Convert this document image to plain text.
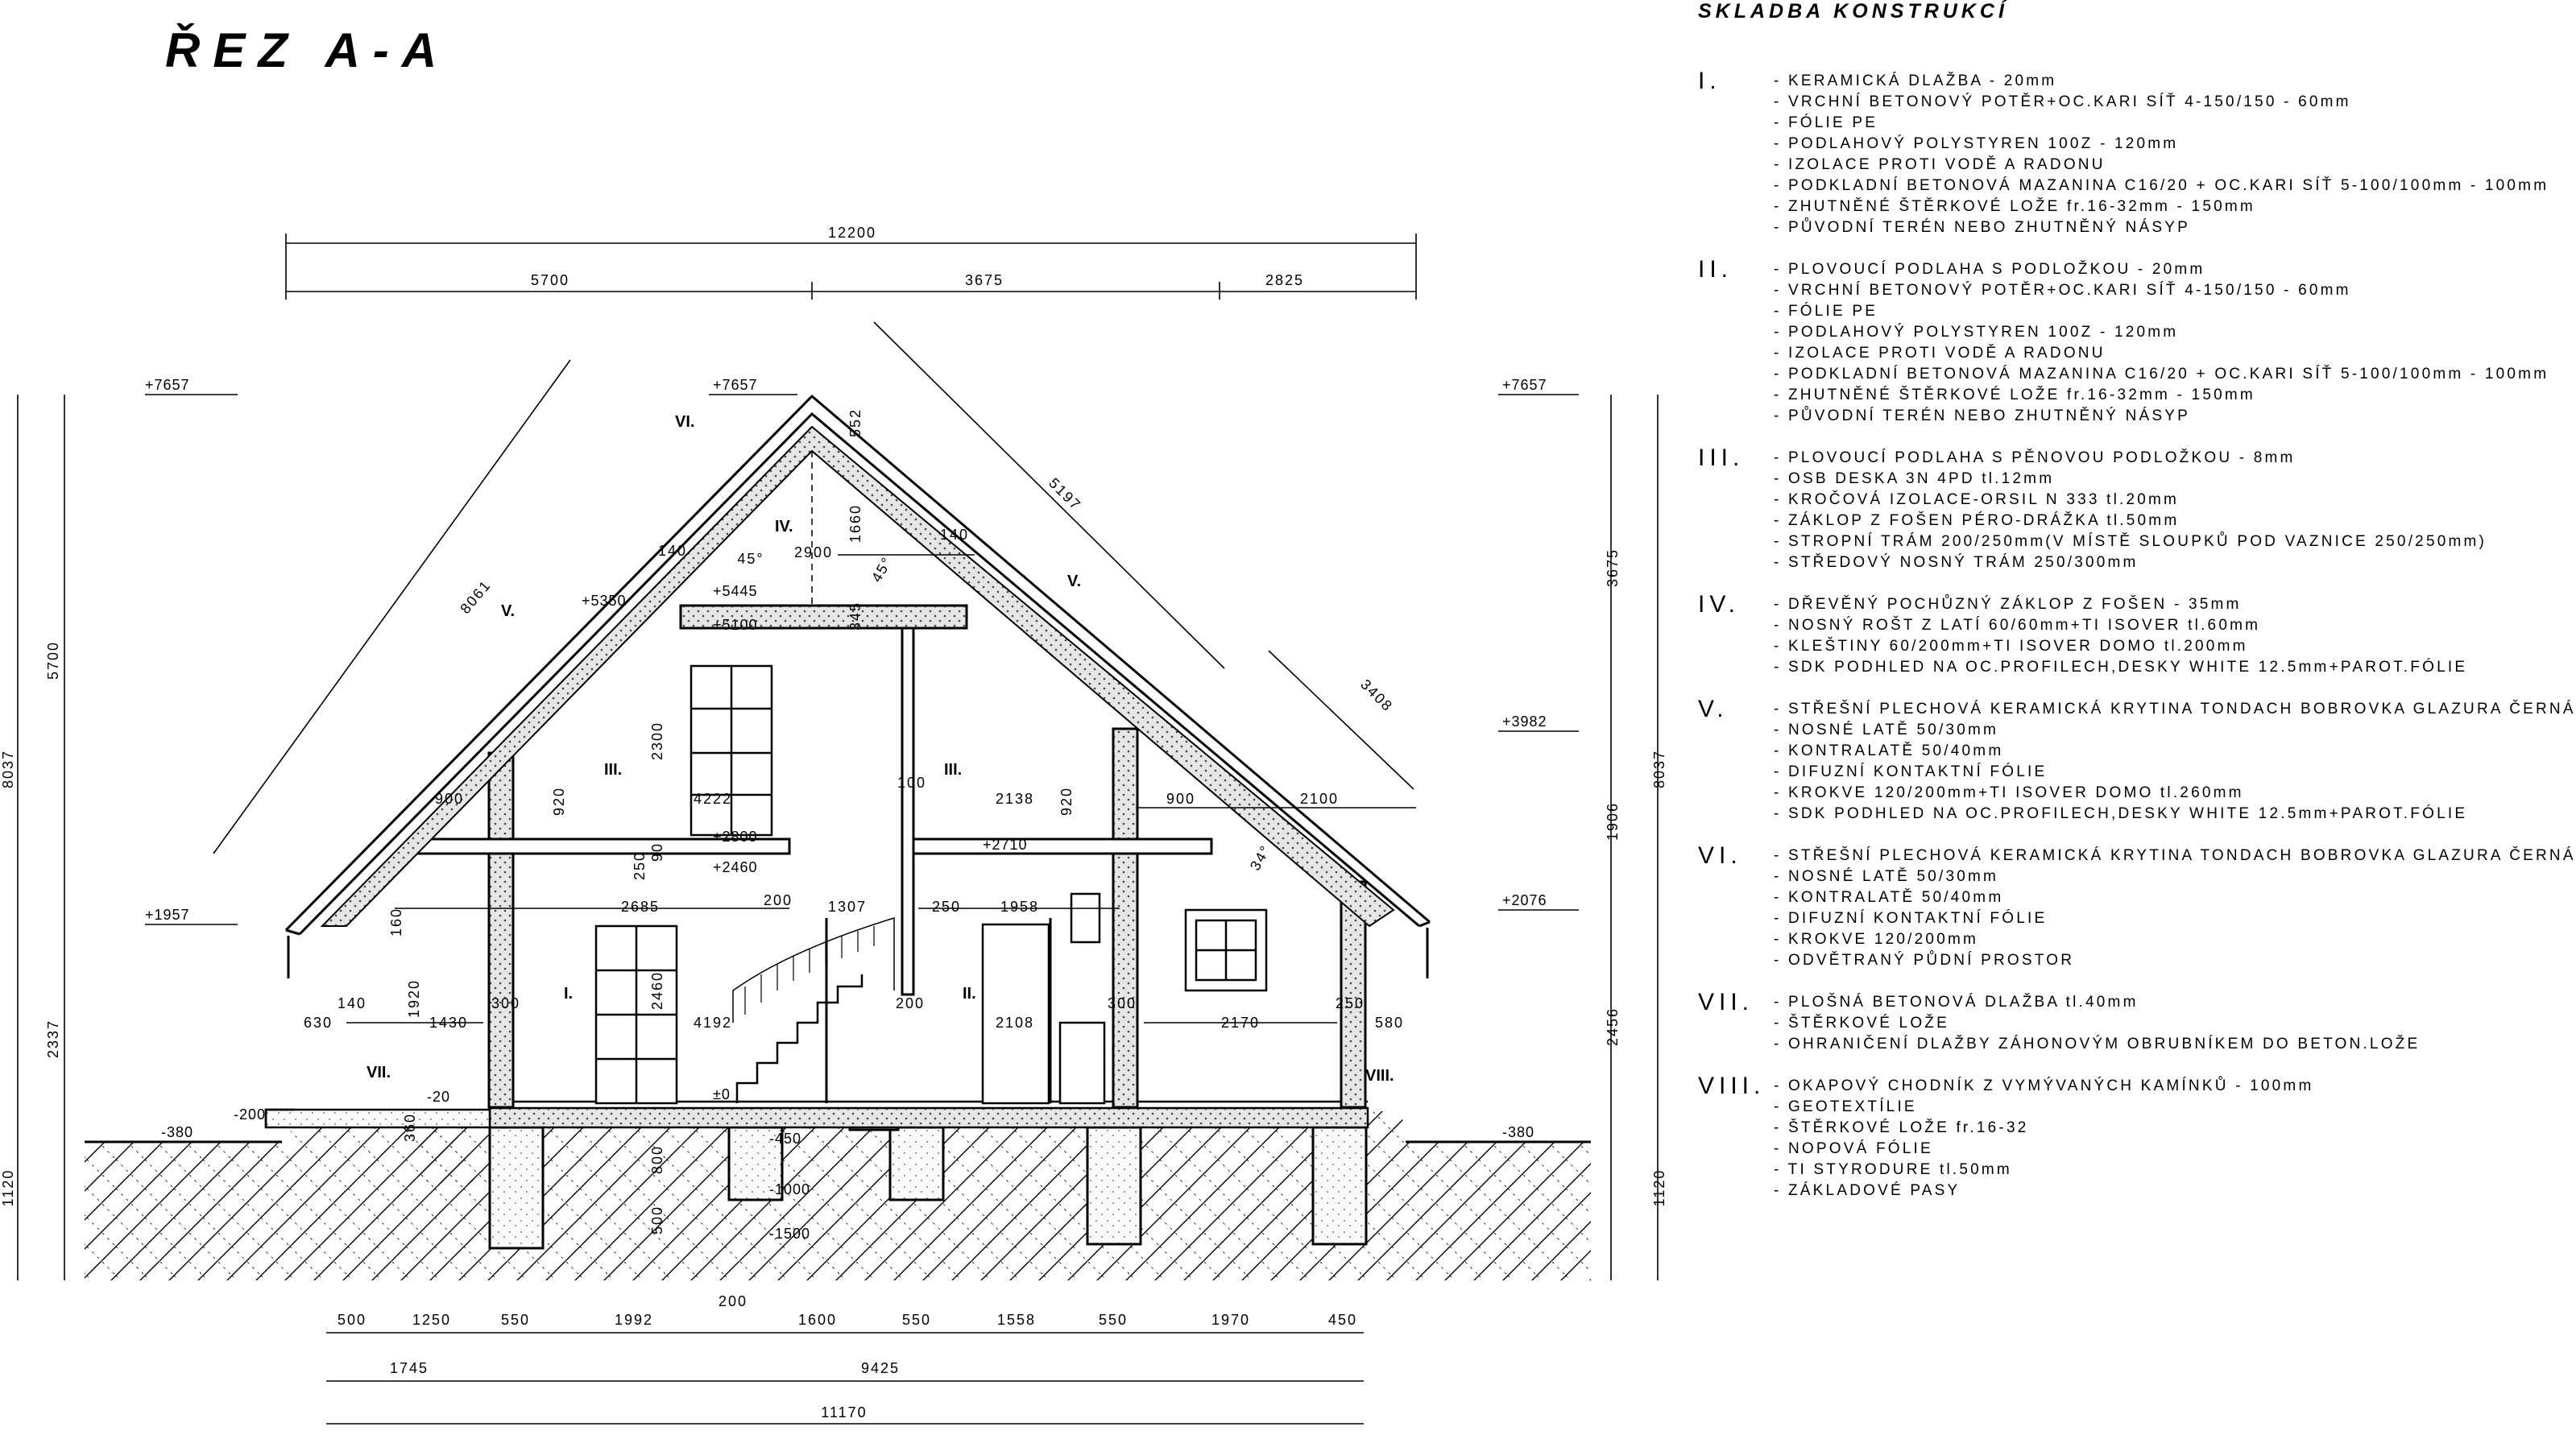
ŘEZ A-A
12200
5700	3675	2825
8037
5700
2337
1120
8037
3675
1906
2456
1120
500	1250	550	1992	1600	550	1558	550	1970	450
200
1745	9425
11170
8061
5197
3408
552
1660
2900
140
140
345
2300
920	920
900	900
4222	2138	2100
100
250 90
200
2685	1307	250	1958
160
1920
140
630	1430
300	2460
4192
200
2108
300
2170
250
580
360
800
500
45°	45°
34°
+7657	+7657	+7657
+5350
+5445
+5100
+3982
+2800
+2460
+2710
+1957
+2076
±0
-20
-200
-380	-380
-450
-1000
-1500
I.	II.
III.	III.
IV.
V.
V.
VI.
VII.	VIII.
SKLADBA KONSTRUKCÍ
I.	- KERAMICKÁ DLAŽBA - 20mm
- VRCHNÍ BETONOVÝ POTĚR+OC.KARI SÍŤ 4-150/150 - 60mm
- FÓLIE PE
- PODLAHOVÝ POLYSTYREN 100Z - 120mm
- IZOLACE PROTI VODĚ A RADONU
- PODKLADNÍ BETONOVÁ MAZANINA C16/20 + OC.KARI SÍŤ 5-100/100mm - 100mm
- ZHUTNĚNÉ ŠTĚRKOVÉ LOŽE fr.16-32mm - 150mm
- PŮVODNÍ TERÉN NEBO ZHUTNĚNÝ NÁSYP
II.	- PLOVOUCÍ PODLAHA S PODLOŽKOU - 20mm
- VRCHNÍ BETONOVÝ POTĚR+OC.KARI SÍŤ 4-150/150 - 60mm
- FÓLIE PE
- PODLAHOVÝ POLYSTYREN 100Z - 120mm
- IZOLACE PROTI VODĚ A RADONU
- PODKLADNÍ BETONOVÁ MAZANINA C16/20 + OC.KARI SÍŤ 5-100/100mm - 100mm
- ZHUTNĚNÉ ŠTĚRKOVÉ LOŽE fr.16-32mm - 150mm
- PŮVODNÍ TERÉN NEBO ZHUTNĚNÝ NÁSYP
III. - PLOVOUCÍ PODLAHA S PĚNOVOU PODLOŽKOU - 8mm
- OSB DESKA 3N 4PD tl.12mm
- KROČOVÁ IZOLACE-ORSIL N 333 tl.20mm
- ZÁKLOP Z FOŠEN PÉRO-DRÁŽKA tl.50mm
- STROPNÍ TRÁM 200/250mm(V MÍSTĚ SLOUPKŮ POD VAZNICE 250/250mm)
- STŘEDOVÝ NOSNÝ TRÁM 250/300mm
IV. - DŘEVĚNÝ POCHŮZNÝ ZÁKLOP Z FOŠEN - 35mm
- NOSNÝ ROŠT Z LATÍ 60/60mm+TI ISOVER tl.60mm
- KLEŠTINY 60/200mm+TI ISOVER DOMO tl.200mm
- SDK PODHLED NA OC.PROFILECH,DESKY WHITE 12.5mm+PAROT.FÓLIE
V.	- STŘEŠNÍ PLECHOVÁ KERAMICKÁ KRYTINA TONDACH BOBROVKA GLAZURA ČERNÁ
- NOSNÉ LATĚ 50/30mm
- KONTRALATĚ 50/40mm
- DIFUZNÍ KONTAKTNÍ FÓLIE
- KROKVE 120/200mm+TI ISOVER DOMO tl.260mm
- SDK PODHLED NA OC.PROFILECH,DESKY WHITE 12.5mm+PAROT.FÓLIE
VI. - STŘEŠNÍ PLECHOVÁ KERAMICKÁ KRYTINA TONDACH BOBROVKA GLAZURA ČERNÁ
- NOSNÉ LATĚ 50/30mm
- KONTRALATĚ 50/40mm
- DIFUZNÍ KONTAKTNÍ FÓLIE
- KROKVE 120/200mm
- ODVĚTRANÝ PŮDNÍ PROSTOR
VII. - PLOŠNÁ BETONOVÁ DLAŽBA tl.40mm
- ŠTĚRKOVÉ LOŽE
- OHRANIČENÍ DLAŽBY ZÁHONOVÝM OBRUBNÍKEM DO BETON.LOŽE
VIII. - OKAPOVÝ CHODNÍK Z VYMÝVANÝCH KAMÍNKŮ - 100mm
- GEOTEXTÍLIE
- ŠTĚRKOVÉ LOŽE fr.16-32
- NOPOVÁ FÓLIE
- TI STYRODURE tl.50mm
- ZÁKLADOVÉ PASY
